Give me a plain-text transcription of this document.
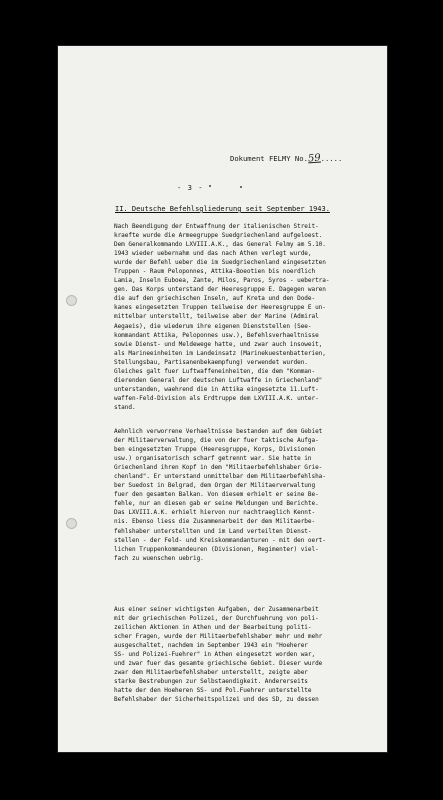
Dokument FELMY No.59.....
- 3 -
II. Deutsche Befehlsgliederung seit September 1943.
Nach Beendigung der Entwaffnung der italienischen Streit-
kraefte wurde die Armeegruppe Suedgriechenland aufgeloest.
Dem Generalkommando LXVIII.A.K., das General Felmy am 5.10.
1943 wieder uebernahm und das nach Athen verlegt wurde,
wurde der Befehl ueber die im Suedgriechenland eingesetzten
Truppen - Raum Peloponnes, Attika-Boeotien bis noerdlich
Lamia, Inseln Euboea, Zante, Milos, Paros, Syros - uebertra-
gen. Das Korps unterstand der Heeresgruppe E. Dagegen waren
die auf den griechischen Inseln, auf Kreta und den Dode-
kanes eingesetzten Truppen teilweise der Heeresgruppe E un-
mittelbar unterstellt, teilweise aber der Marine (Admiral
Aegaeis), die wiederum ihre eigenen Dienststellen (See-
kommandant Attika, Peloponnes usw.), Befehlsverhaeltnisse
sowie Dienst- und Meldewege hatte, und zwar auch insoweit,
als Marineeinheiten im Landeinsatz (Marinekuestenbatterien,
Stellungsbau, Partisanenbekaempfung) verwendet wurden.
Gleiches galt fuer Luftwaffeneinheiten, die dem "Komman-
dierenden General der deutschen Luftwaffe in Griechenland"
unterstanden, waehrend die in Attika eingesetzte 11.Luft-
waffen-Feld-Division als Erdtruppe dem LXVIII.A.K. unter-
stand.
Aehnlich verworrene Verhaeltnisse bestanden auf dem Gebiet
der Militaerverwaltung, die von der fuer taktische Aufga-
ben eingesetzten Truppe (Heeresgruppe, Korps, Divisionen
usw.) organisatorisch scharf getrennt war. Sie hatte in
Griechenland ihren Kopf in dem "Militaerbefehlshaber Grie-
chenland". Er unterstand unmittelbar dem Militaerbefehlsha-
ber Suedost in Belgrad, dem Organ der Militaerverwaltung
fuer den gesamten Balkan. Von diesem erhielt er seine Be-
fehle, nur an diesen gab er seine Meldungen und Berichte.
Das LXVIII.A.K. erhielt hiervon nur nachtraeglich Kennt-
nis. Ebenso liess die Zusammenarbeit der dem Militaerbe-
fehlshaber unterstellten und im Land verteilten Dienst-
stellen - der Feld- und Kreiskommandanturen - mit den oert-
lichen Truppenkommandeuren (Divisionen, Regimenter) viel-
fach zu wuenschen uebrig.
Aus einer seiner wichtigsten Aufgaben, der Zusammenarbeit
mit der griechischen Polizei, der Durchfuehrung von poli-
zeilichen Aktionen in Athen und der Bearbeitung politi-
scher Fragen, wurde der Militaerbefehlshaber mehr und mehr
ausgeschaltet, nachdem im September 1943 ein "Hoeherer
SS- und Polizei-Fuehrer" in Athen eingesetzt worden war,
und zwar fuer das gesamte griechische Gebiet. Dieser wurde
zwar dem Militaerbefehlshaber unterstellt, zeigte aber
starke Bestrebungen zur Selbstaendigkeit. Andererseits
hatte der den Hoeheren SS- und Pol.Fuehrer unterstellte
Befehlshaber der Sicherheitspolizei und des SD, zu dessen
